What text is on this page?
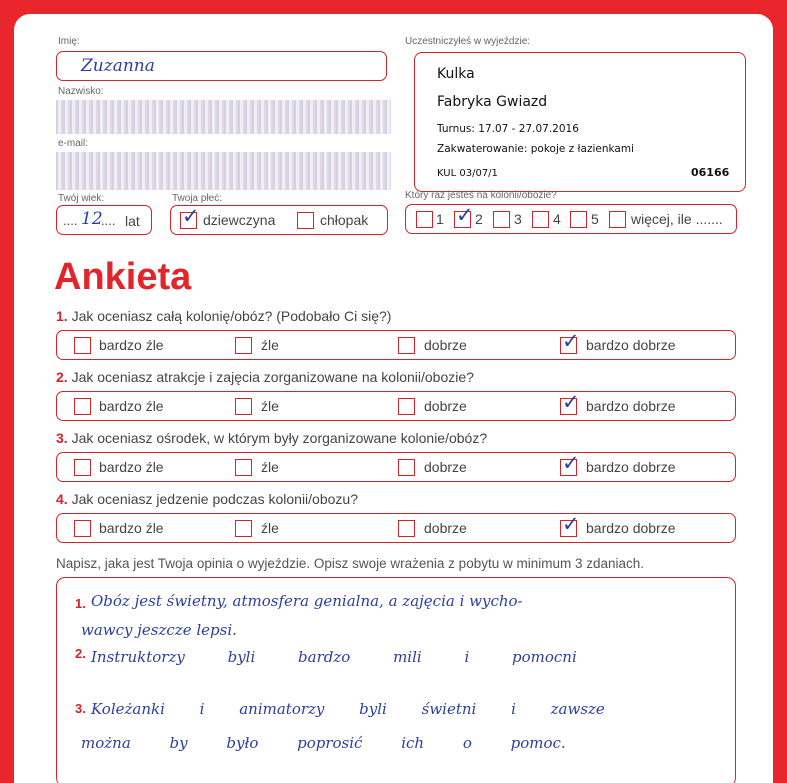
Imię:
Zuzanna
Nazwisko:
e-mail:
Twój wiek:
.... 12
.... lat
Twoja płeć:
✓
dziewczyna	chłopak
Uczestniczyłeś w wyjeździe:
Kulka
Fabryka Gwiazd
Turnus: 17.07 - 27.07.2016
Zakwaterowanie: pokoje z łazienkami
KUL 03/07/1	06166
Który raz jesteś na kolonii/obozie?
1 ✓ 2 3 4 5 więcej, ile .......
Ankieta
1. Jak oceniasz całą kolonię/obóz? (Podobało Ci się?)
bardzo źle	źle	dobrze ✓	bardzo dobrze
2. Jak oceniasz atrakcje i zajęcia zorganizowane na kolonii/obozie?
bardzo źle	źle	dobrze ✓	bardzo dobrze
3. Jak oceniasz ośrodek, w którym były zorganizowane kolonie/obóz?
bardzo źle	źle	dobrze ✓	bardzo dobrze
4. Jak oceniasz jedzenie podczas kolonii/obozu?
bardzo źle	źle	dobrze ✓	bardzo dobrze
Napisz, jaka jest Twoja opinia o wyjeździe. Opisz swoje wrażenia z pobytu w minimum 3 zdaniach.
1.
2.
3.
Obóz jest świetny, atmosfera genialna, a zajęcia i wycho-
wawcy jeszcze lepsi.
Instruktorzy byli bardzo mili i pomocni
Koleżanki i animatorzy byli świetni i zawsze
można by było poprosić ich o pomoc.
